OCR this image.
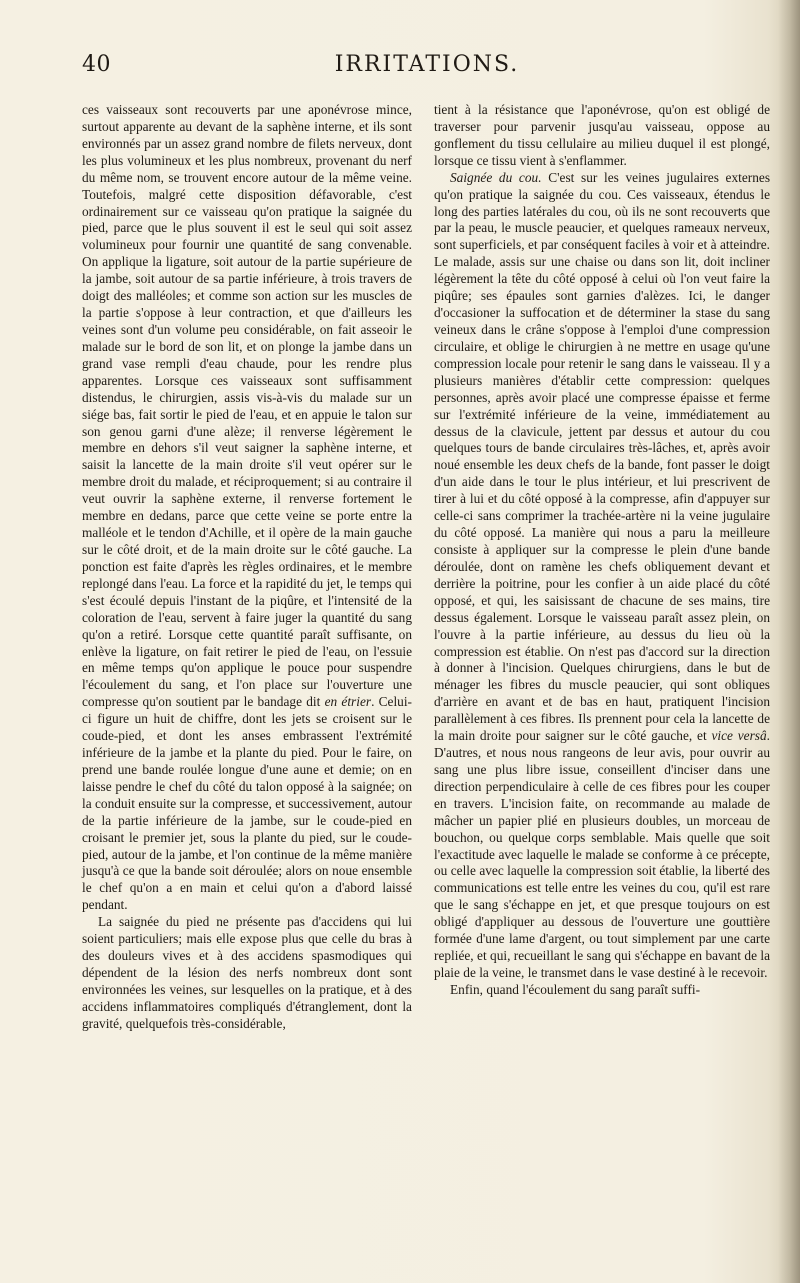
40	IRRITATIONS.

ces vaisseaux sont recouverts par une aponévrose mince, surtout apparente au devant de la saphène interne, et ils sont environnés par un assez grand nombre de filets nerveux, dont les plus volumineux et les plus nombreux, provenant du nerf du même nom, se trouvent encore autour de la même veine. Toutefois, malgré cette disposition défavorable, c'est ordinairement sur ce vaisseau qu'on pratique la saignée du pied, parce que le plus souvent il est le seul qui soit assez volumineux pour fournir une quantité de sang convenable. On applique la ligature, soit autour de la partie supérieure de la jambe, soit autour de sa partie inférieure, à trois travers de doigt des malléoles; et comme son action sur les muscles de la partie s'oppose à leur contraction, et que d'ailleurs les veines sont d'un volume peu considérable, on fait asseoir le malade sur le bord de son lit, et on plonge la jambe dans un grand vase rempli d'eau chaude, pour les rendre plus apparentes. Lorsque ces vaisseaux sont suffisamment distendus, le chirurgien, assis vis-à-vis du malade sur un siége bas, fait sortir le pied de l'eau, et en appuie le talon sur son genou garni d'une alèze; il renverse légèrement le membre en dehors s'il veut saigner la saphène interne, et saisit la lancette de la main droite s'il veut opérer sur le membre droit du malade, et réciproquement; si au contraire il veut ouvrir la saphène externe, il renverse fortement le membre en dedans, parce que cette veine se porte entre la malléole et le tendon d'Achille, et il opère de la main gauche sur le côté droit, et de la main droite sur le côté gauche. La ponction est faite d'après les règles ordinaires, et le membre replongé dans l'eau. La force et la rapidité du jet, le temps qui s'est écoulé depuis l'instant de la piqûre, et l'intensité de la coloration de l'eau, servent à faire juger la quantité du sang qu'on a retiré. Lorsque cette quantité paraît suffisante, on enlève la ligature, on fait retirer le pied de l'eau, on l'essuie en même temps qu'on applique le pouce pour suspendre l'écoulement du sang, et l'on place sur l'ouverture une compresse qu'on soutient par le bandage dit en étrier. Celui-ci figure un huit de chiffre, dont les jets se croisent sur le coude-pied, et dont les anses embrassent l'extrémité inférieure de la jambe et la plante du pied. Pour le faire, on prend une bande roulée longue d'une aune et demie; on en laisse pendre le chef du côté du talon opposé à la saignée; on la conduit ensuite sur la compresse, et successivement, autour de la partie inférieure de la jambe, sur le coude-pied en croisant le premier jet, sous la plante du pied, sur le coude-pied, autour de la jambe, et l'on continue de la même manière jusqu'à ce que la bande soit déroulée; alors on noue ensemble le chef qu'on a en main et celui qu'on a d'abord laissé pendant.

La saignée du pied ne présente pas d'accidens qui lui soient particuliers; mais elle expose plus que celle du bras à des douleurs vives et à des accidens spasmodiques qui dépendent de la lésion des nerfs nombreux dont sont environnées les veines, sur lesquelles on la pratique, et à des accidens inflammatoires compliqués d'étranglement, dont la gravité, quelquefois très-considérable,

tient à la résistance que l'aponévrose, qu'on est obligé de traverser pour parvenir jusqu'au vaisseau, oppose au gonflement du tissu cellulaire au milieu duquel il est plongé, lorsque ce tissu vient à s'enflammer.

Saignée du cou. C'est sur les veines jugulaires externes qu'on pratique la saignée du cou. Ces vaisseaux, étendus le long des parties latérales du cou, où ils ne sont recouverts que par la peau, le muscle peaucier, et quelques rameaux nerveux, sont superficiels, et par conséquent faciles à voir et à atteindre. Le malade, assis sur une chaise ou dans son lit, doit incliner légèrement la tête du côté opposé à celui où l'on veut faire la piqûre; ses épaules sont garnies d'alèzes. Ici, le danger d'occasioner la suffocation et de déterminer la stase du sang veineux dans le crâne s'oppose à l'emploi d'une compression circulaire, et oblige le chirurgien à ne mettre en usage qu'une compression locale pour retenir le sang dans le vaisseau. Il y a plusieurs manières d'établir cette compression: quelques personnes, après avoir placé une compresse épaisse et ferme sur l'extrémité inférieure de la veine, immédiatement au dessus de la clavicule, jettent par dessus et autour du cou quelques tours de bande circulaires très-lâches, et, après avoir noué ensemble les deux chefs de la bande, font passer le doigt d'un aide dans le tour le plus intérieur, et lui prescrivent de tirer à lui et du côté opposé à la compresse, afin d'appuyer sur celle-ci sans comprimer la trachée-artère ni la veine jugulaire du côté opposé. La manière qui nous a paru la meilleure consiste à appliquer sur la compresse le plein d'une bande déroulée, dont on ramène les chefs obliquement devant et derrière la poitrine, pour les confier à un aide placé du côté opposé, et qui, les saisissant de chacune de ses mains, tire dessus également. Lorsque le vaisseau paraît assez plein, on l'ouvre à la partie inférieure, au dessus du lieu où la compression est établie. On n'est pas d'accord sur la direction à donner à l'incision. Quelques chirurgiens, dans le but de ménager les fibres du muscle peaucier, qui sont obliques d'arrière en avant et de bas en haut, pratiquent l'incision parallèlement à ces fibres. Ils prennent pour cela la lancette de la main droite pour saigner sur le côté gauche, et vice versâ. D'autres, et nous nous rangeons de leur avis, pour ouvrir au sang une plus libre issue, conseillent d'inciser dans une direction perpendiculaire à celle de ces fibres pour les couper en travers. L'incision faite, on recommande au malade de mâcher un papier plié en plusieurs doubles, un morceau de bouchon, ou quelque corps semblable. Mais quelle que soit l'exactitude avec laquelle le malade se conforme à ce précepte, ou celle avec laquelle la compression soit établie, la liberté des communications est telle entre les veines du cou, qu'il est rare que le sang s'échappe en jet, et que presque toujours on est obligé d'appliquer au dessous de l'ouverture une gouttière formée d'une lame d'argent, ou tout simplement par une carte repliée, et qui, recueillant le sang qui s'échappe en bavant de la plaie de la veine, le transmet dans le vase destiné à le recevoir.

Enfin, quand l'écoulement du sang paraît suffi-
